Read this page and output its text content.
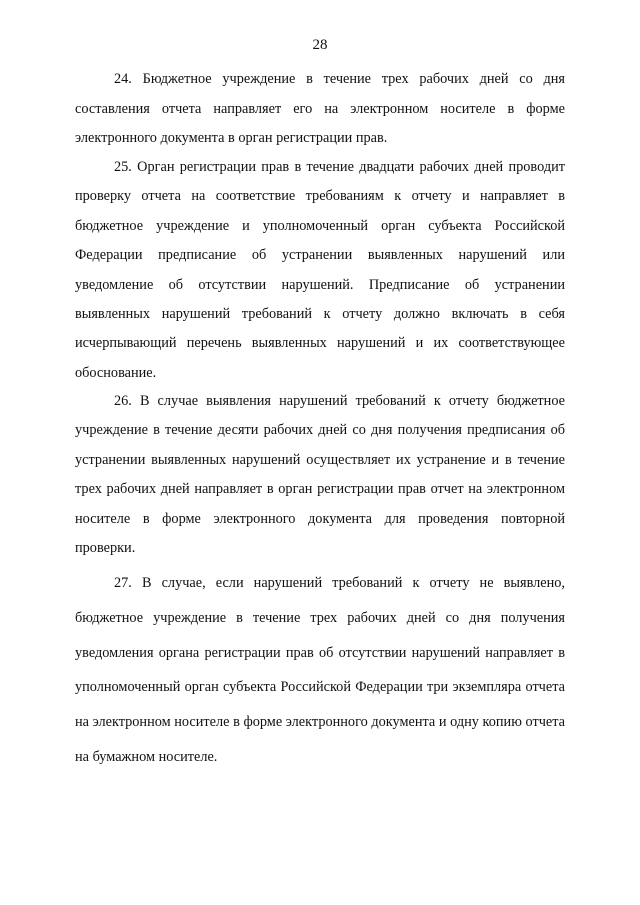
28

24. Бюджетное учреждение в течение трех рабочих дней со дня составления отчета направляет его на электронном носителе в форме электронного документа в орган регистрации прав.

25. Орган регистрации прав в течение двадцати рабочих дней проводит проверку отчета на соответствие требованиям к отчету и направляет в бюджетное учреждение и уполномоченный орган субъекта Российской Федерации предписание об устранении выявленных нарушений или уведомление об отсутствии нарушений. Предписание об устранении выявленных нарушений требований к отчету должно включать в себя исчерпывающий перечень выявленных нарушений и их соответствующее обоснование.

26. В случае выявления нарушений требований к отчету бюджетное учреждение в течение десяти рабочих дней со дня получения предписания об устранении выявленных нарушений осуществляет их устранение и в течение трех рабочих дней направляет в орган регистрации прав отчет на электронном носителе в форме электронного документа для проведения повторной проверки.

27. В случае, если нарушений требований к отчету не выявлено, бюджетное учреждение в течение трех рабочих дней со дня получения уведомления органа регистрации прав об отсутствии нарушений направляет в уполномоченный орган субъекта Российской Федерации три экземпляра отчета на электронном носителе в форме электронного документа и одну копию отчета на бумажном носителе.
